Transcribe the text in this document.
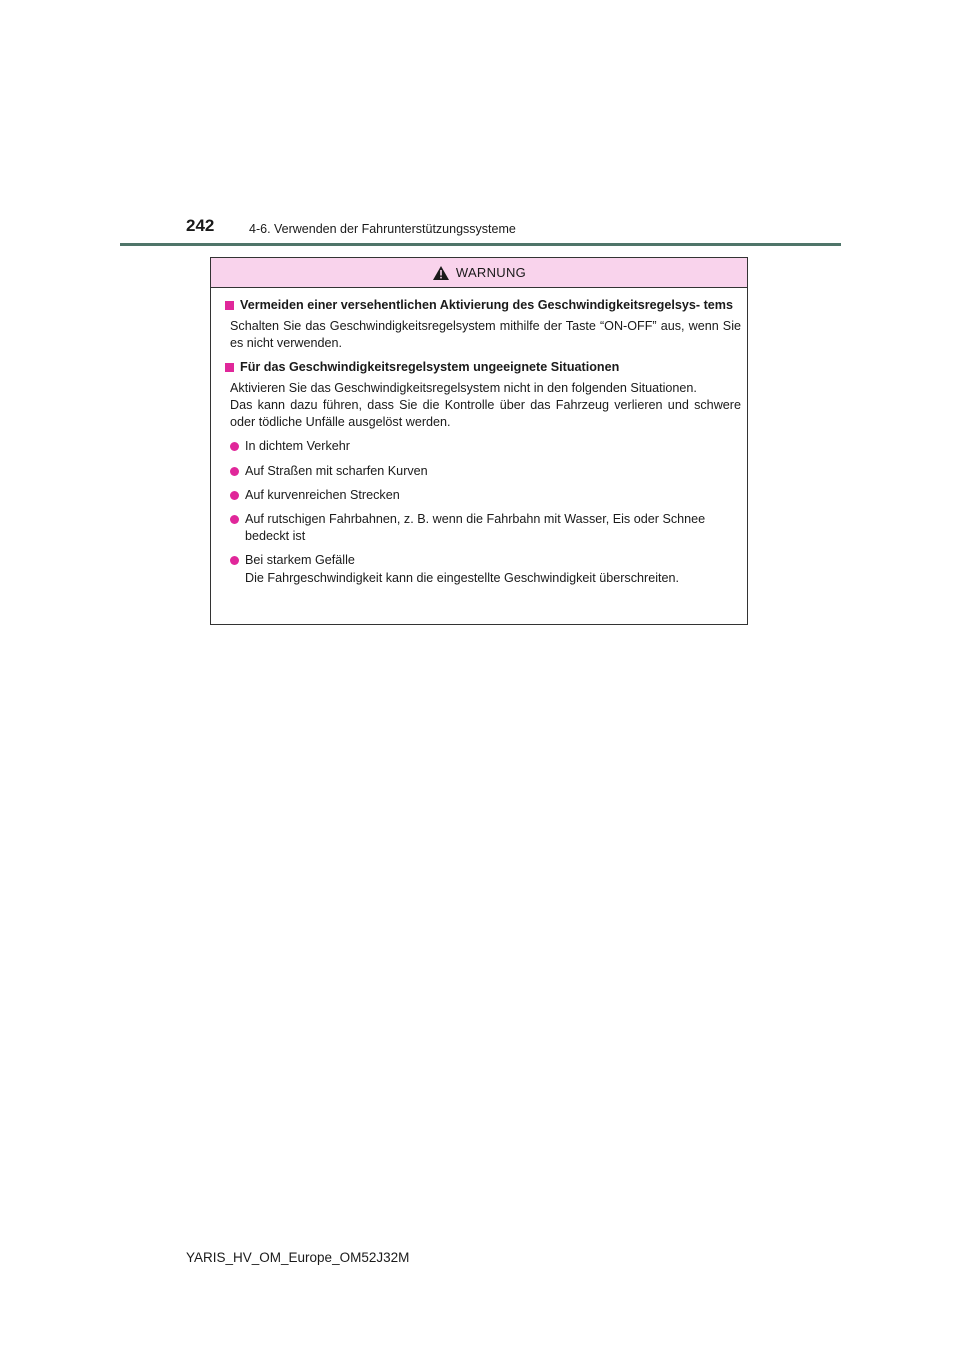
242	4-6. Verwenden der Fahrunterstützungssysteme
WARNUNG
Vermeiden einer versehentlichen Aktivierung des Geschwindigkeitsregelsys- tems
Schalten Sie das Geschwindigkeitsregelsystem mithilfe der Taste “ON-OFF” aus, wenn Sie es nicht verwenden.
Für das Geschwindigkeitsregelsystem ungeeignete Situationen
Aktivieren Sie das Geschwindigkeitsregelsystem nicht in den folgenden Situationen.
Das kann dazu führen, dass Sie die Kontrolle über das Fahrzeug verlieren und schwere oder tödliche Unfälle ausgelöst werden.
In dichtem Verkehr
Auf Straßen mit scharfen Kurven
Auf kurvenreichen Strecken
Auf rutschigen Fahrbahnen, z. B. wenn die Fahrbahn mit Wasser, Eis oder Schnee bedeckt ist
Bei starkem Gefälle
Die Fahrgeschwindigkeit kann die eingestellte Geschwindigkeit überschreiten.
YARIS_HV_OM_Europe_OM52J32M
